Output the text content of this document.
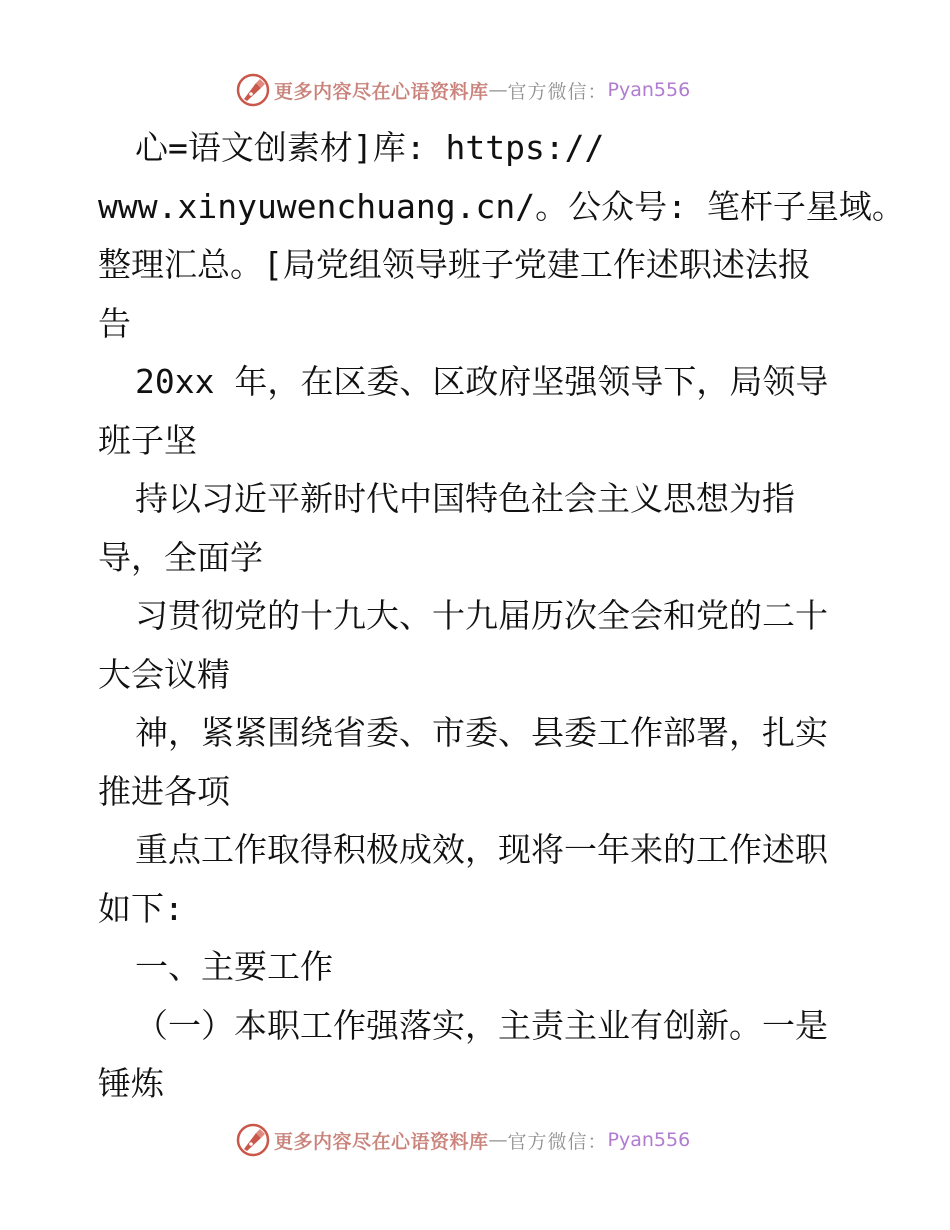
更多内容尽在心语资料库 — 官方微信： Pyan556
心=语文创素材]库: https://
www.xinyuwenchuang.cn/。公众号: 笔杆子星域。
整理汇总。[局党组领导班子党建工作述职述法报
告
20xx 年，在区委、区政府坚强领导下，局领导
班子坚
持以习近平新时代中国特色社会主义思想为指
导，全面学
习贯彻党的十九大、十九届历次全会和党的二十
大会议精
神，紧紧围绕省委、市委、县委工作部署，扎实
推进各项
重点工作取得积极成效，现将一年来的工作述职
如下:
一、主要工作
（一）本职工作强落实，主责主业有创新。一是
锤炼
更多内容尽在心语资料库 — 官方微信： Pyan556
